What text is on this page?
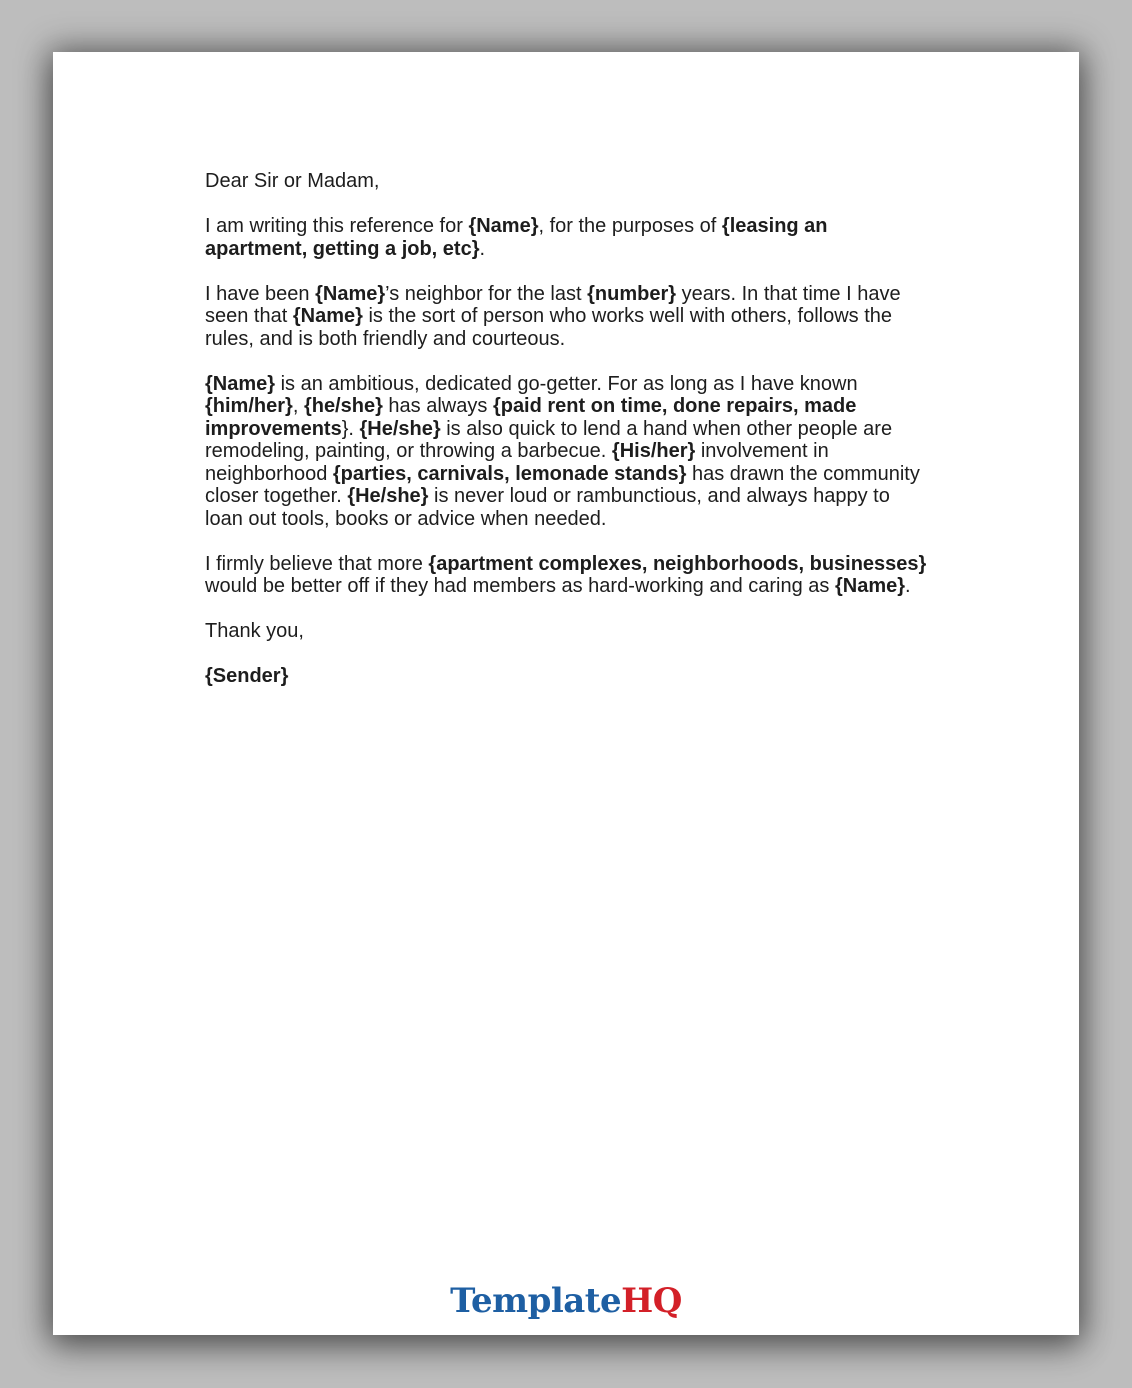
Dear Sir or Madam,

I am writing this reference for {Name}, for the purposes of {leasing an apartment, getting a job, etc}.

I have been {Name}’s neighbor for the last {number} years. In that time I have seen that {Name} is the sort of person who works well with others, follows the rules, and is both friendly and courteous.

{Name} is an ambitious, dedicated go-getter. For as long as I have known {him/her}, {he/she} has always {paid rent on time, done repairs, made improvements}. {He/she} is also quick to lend a hand when other people are remodeling, painting, or throwing a barbecue. {His/her} involvement in neighborhood {parties, carnivals, lemonade stands} has drawn the community closer together. {He/she} is never loud or rambunctious, and always happy to loan out tools, books or advice when needed.

I firmly believe that more {apartment complexes, neighborhoods, businesses} would be better off if they had members as hard-working and caring as {Name}.

Thank you,

{Sender}

TemplateHQ
